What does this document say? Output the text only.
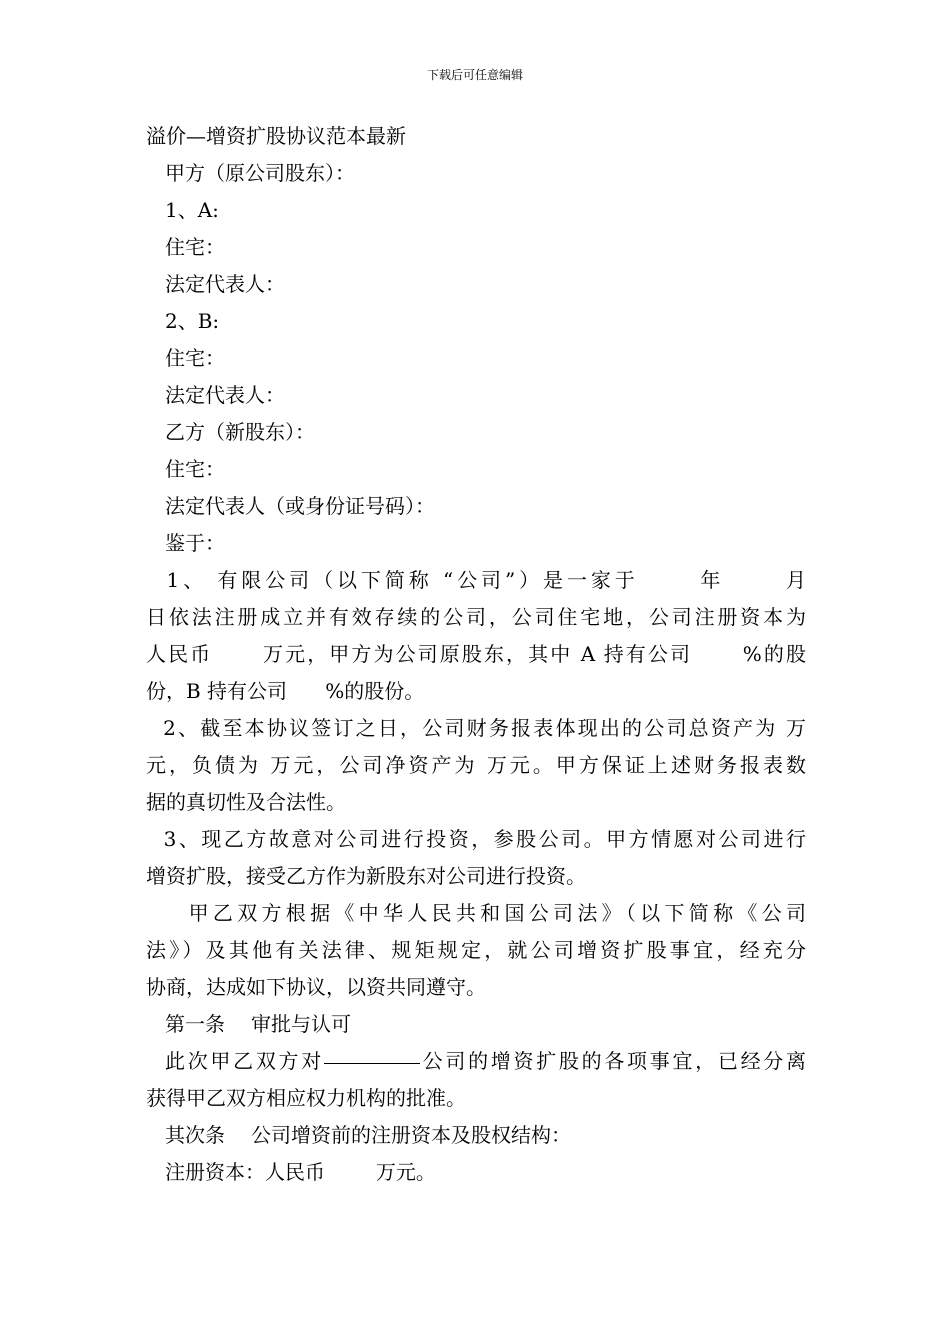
下载后可任意编辑
溢价—增资扩股协议范本最新
甲方（原公司股东）：
1、A:
住宅：
法定代表人：
2、B:
住宅：
法定代表人：
乙方（新股东）：
住宅：
法定代表人（或身份证号码）：
鉴于：
1、 有限公司（以下简称 “公司”）是一家于      年      月
日依法注册成立并有效存续的公司，公司住宅地，公司注册资本为
人民币      万元，甲方为公司原股东，其中 A 持有公司      %的股
份，B 持有公司      %的股份。
2、截至本协议签订之日，公司财务报表体现出的公司总资产为 万
元，负债为 万元，公司净资产为 万元。甲方保证上述财务报表数
据的真切性及合法性。
3、现乙方故意对公司进行投资，参股公司。甲方情愿对公司进行
增资扩股，接受乙方作为新股东对公司进行投资。
甲乙双方根据《中华人民共和国公司法》（以下简称《公司
法》）及其他有关法律、规矩规定，就公司增资扩股事宜，经充分
协商，达成如下协议，以资共同遵守。
第一条 审批与认可
此次甲乙双方对	公司的增资扩股的各项事宜，已经分离
获得甲乙双方相应权力机构的批准。
其次条 公司增资前的注册资本及股权结构：
注册资本：人民币        万元。
